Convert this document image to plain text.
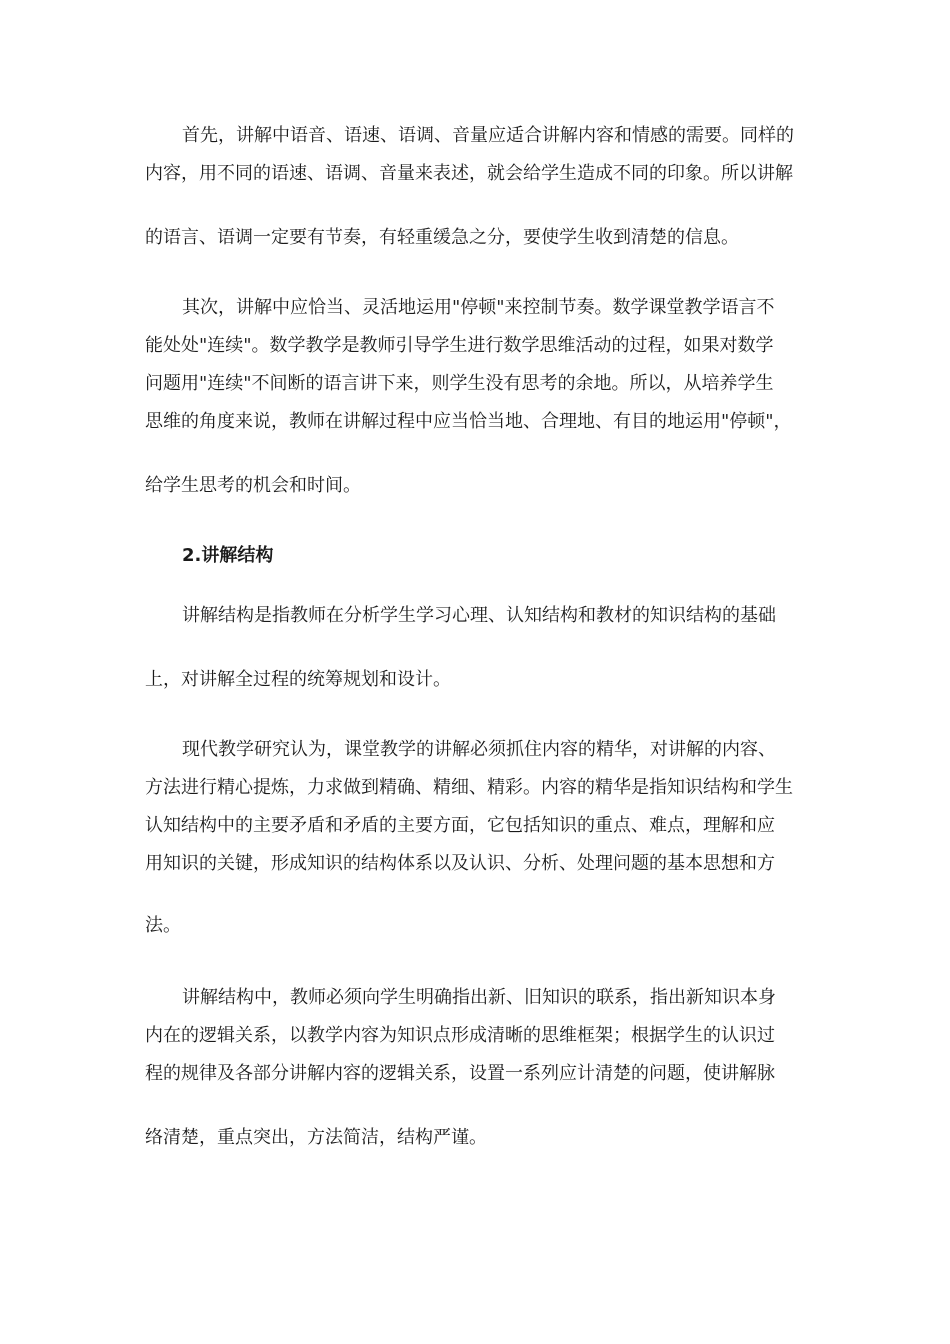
首先，讲解中语音、语速、语调、音量应适合讲解内容和情感的需要。同样的
内容，用不同的语速、语调、音量来表述，就会给学生造成不同的印象。所以讲解
的语言、语调一定要有节奏，有轻重缓急之分，要使学生收到清楚的信息。
其次，讲解中应恰当、灵活地运用"停顿"来控制节奏。数学课堂教学语言不
能处处"连续"。数学教学是教师引导学生进行数学思维活动的过程，如果对数学
问题用"连续"不间断的语言讲下来，则学生没有思考的余地。所以，从培养学生
思维的角度来说，教师在讲解过程中应当恰当地、合理地、有目的地运用"停顿"，
给学生思考的机会和时间。
2.讲解结构
讲解结构是指教师在分析学生学习心理、认知结构和教材的知识结构的基础
上，对讲解全过程的统筹规划和设计。
现代教学研究认为，课堂教学的讲解必须抓住内容的精华，对讲解的内容、
方法进行精心提炼，力求做到精确、精细、精彩。内容的精华是指知识结构和学生
认知结构中的主要矛盾和矛盾的主要方面，它包括知识的重点、难点，理解和应
用知识的关键，形成知识的结构体系以及认识、分析、处理问题的基本思想和方
法。
讲解结构中，教师必须向学生明确指出新、旧知识的联系，指出新知识本身
内在的逻辑关系，以教学内容为知识点形成清晰的思维框架；根据学生的认识过
程的规律及各部分讲解内容的逻辑关系，设置一系列应计清楚的问题，使讲解脉
络清楚，重点突出，方法简洁，结构严谨。
